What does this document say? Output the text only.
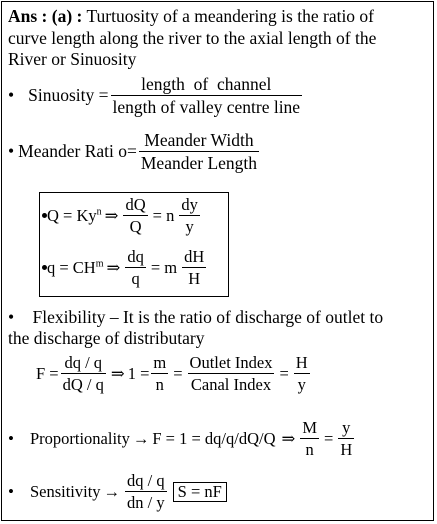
Ans : (a) : Turtuosity of a meandering is the ratio of
curve length along the river to the axial length of the
River or Sinuosity
• Sinuosity = $\frac{\text{length  of  channel}}{\text{length of valley centre line}}$
• Meander Rati $o= \frac{\text{Meander Width}}{\text{Meander Length}}$
$Q = Ky^n$ ⇒ $\frac{dQ}{Q} = n \frac{dy}{y}$
$q = CH^m$ ⇒ $\frac{dq}{q} = m \frac{dH}{H}$
• Flexibility – It is the ratio of discharge of outlet to
the discharge of distributary
$F = \frac{dq / q}{dQ / q}$ ⇒ $1 = \frac{m}{n} = \frac{\text{Outlet Index}}{\text{Canal Index}} = \frac{H}{y}$
• Proportionality → F = 1 = dq/q/dQ/Q ⇒ $\frac{M}{n} = \frac{y}{H}$
• Sensitivity → $\frac{dq / q}{dn / y}$ S = nF
